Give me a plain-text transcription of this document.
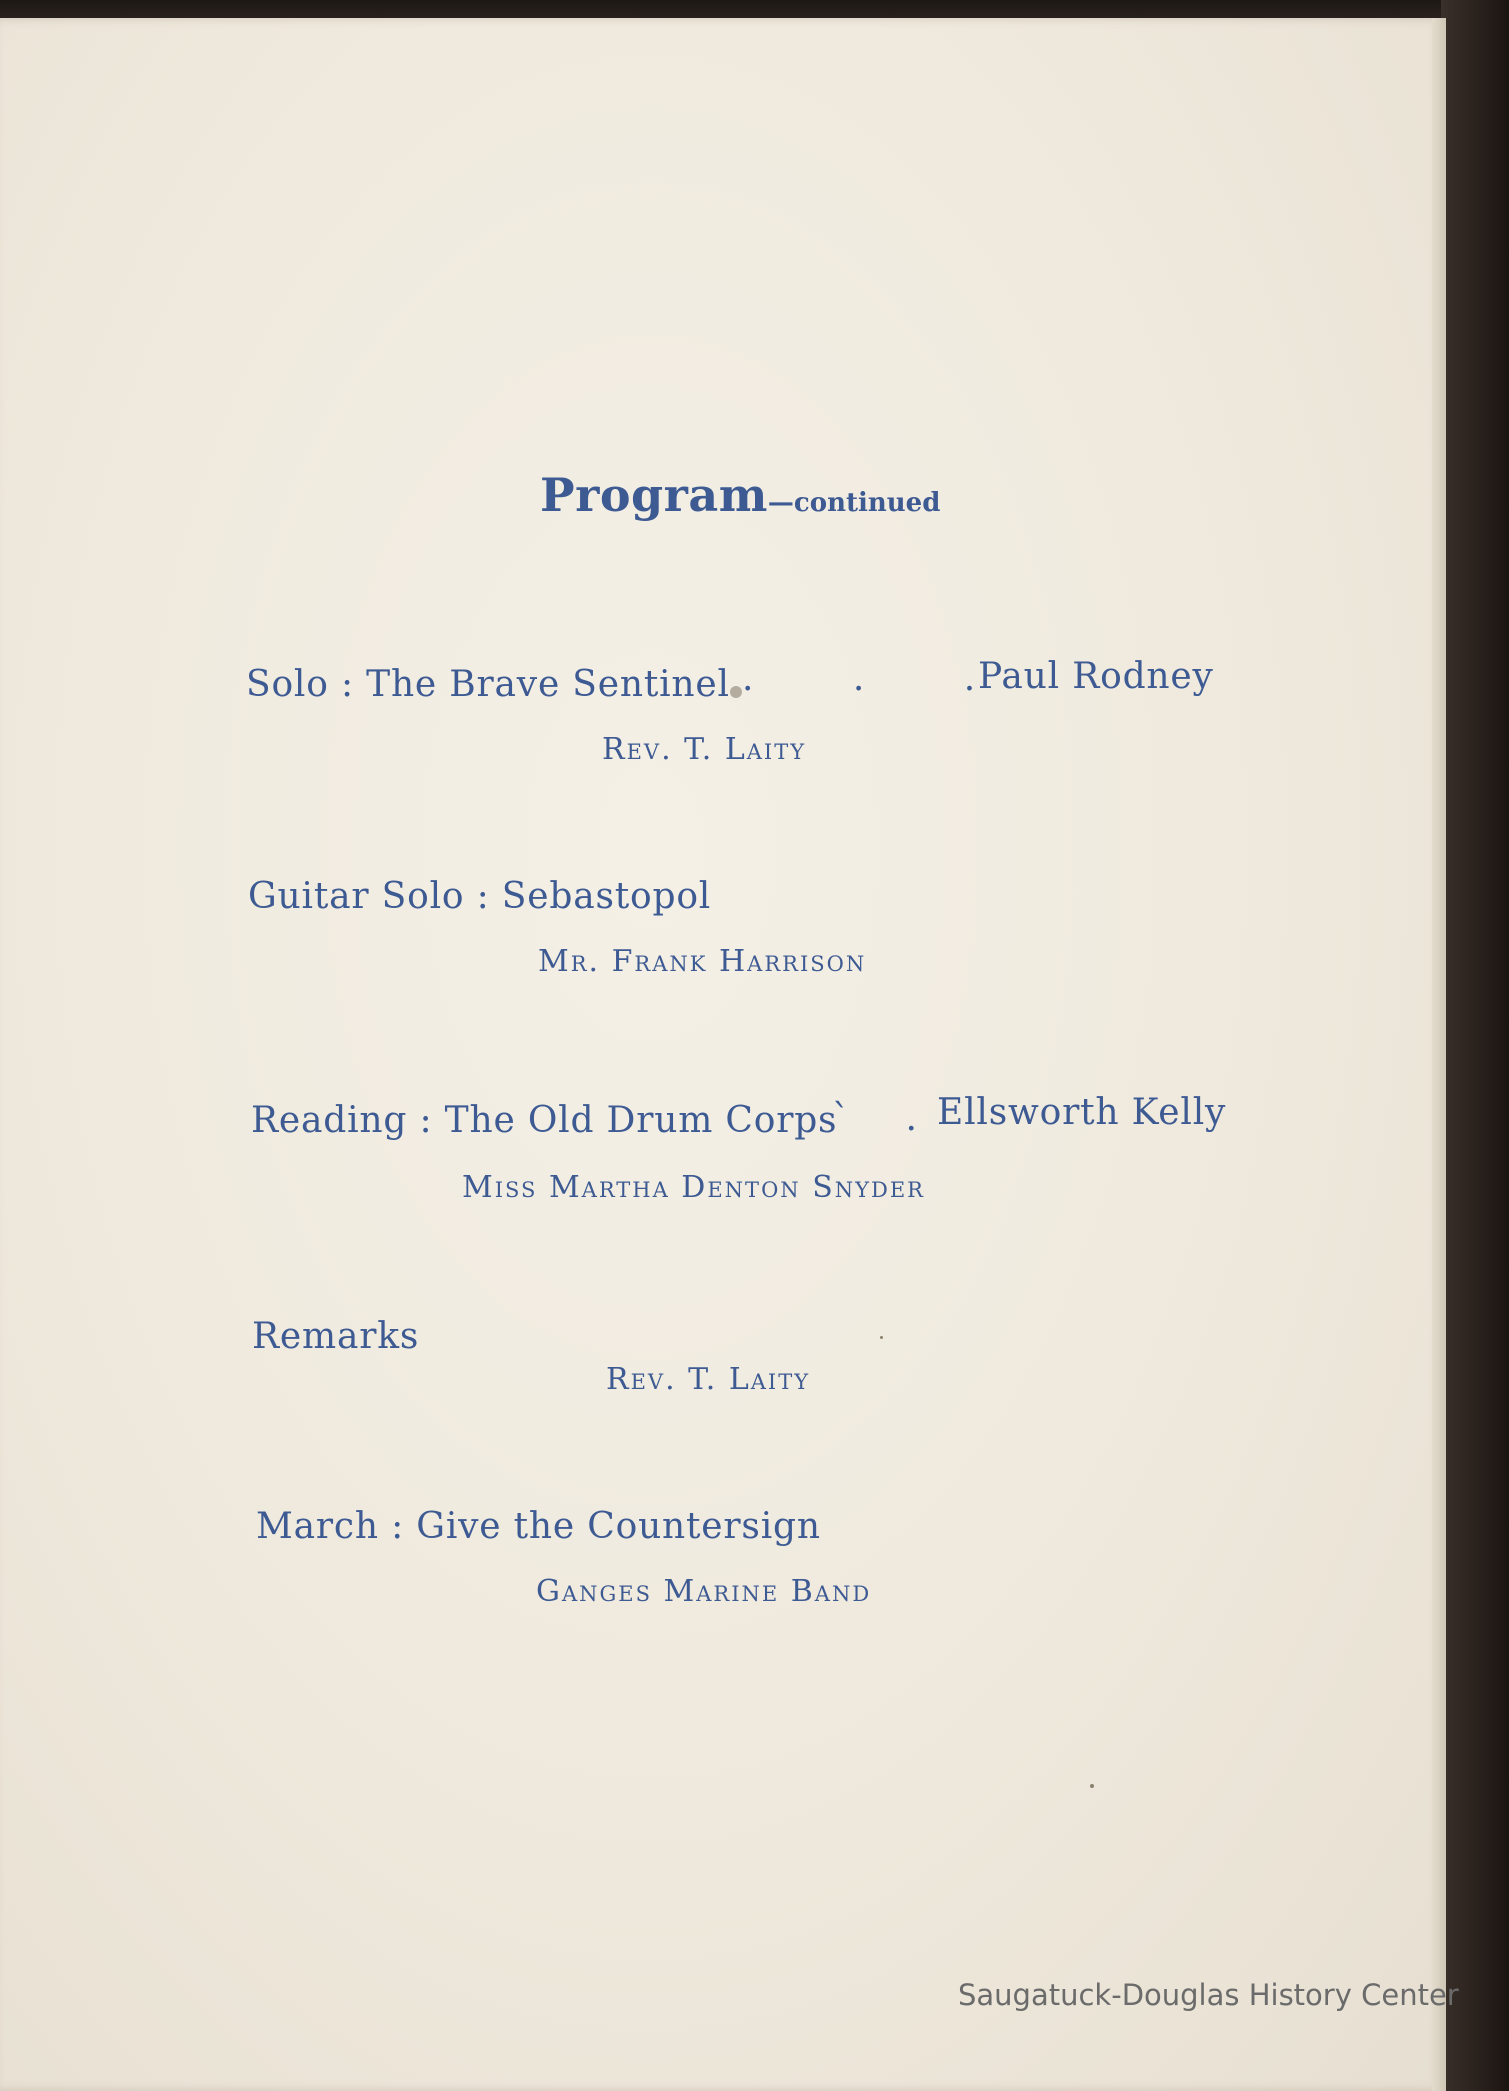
Program—continued
Solo : The Brave Sentinel . . .
Paul Rodney
Rev. T. Laity
Guitar Solo : Sebastopol
Mr. Frank Harrison
Reading : The Old Drum Corps
` .
Ellsworth Kelly
Miss Martha Denton Snyder
Remarks
Rev. T. Laity
March : Give the Countersign
Ganges Marine Band
Saugatuck-Douglas History Center
